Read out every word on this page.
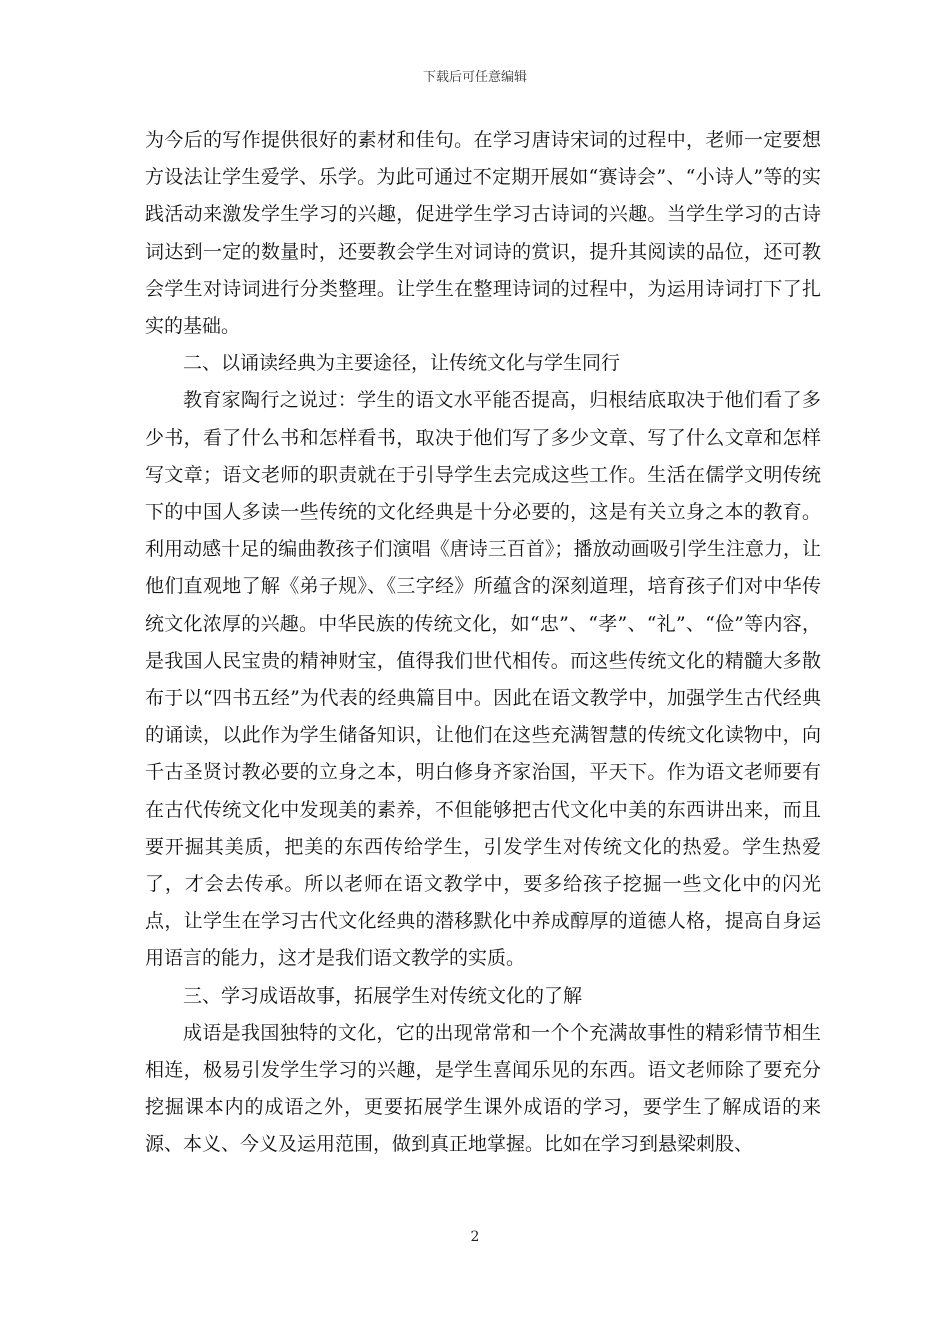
下载后可任意编辑

为今后的写作提供很好的素材和佳句。在学习唐诗宋词的过程中，老师一定要想方设法让学生爱学、乐学。为此可通过不定期开展如“赛诗会”、“小诗人”等的实践活动来激发学生学习的兴趣，促进学生学习古诗词的兴趣。当学生学习的古诗词达到一定的数量时，还要教会学生对词诗的赏识，提升其阅读的品位，还可教会学生对诗词进行分类整理。让学生在整理诗词的过程中，为运用诗词打下了扎实的基础。

二、以诵读经典为主要途径，让传统文化与学生同行

教育家陶行之说过：学生的语文水平能否提高，归根结底取决于他们看了多少书，看了什么书和怎样看书，取决于他们写了多少文章、写了什么文章和怎样写文章；语文老师的职责就在于引导学生去完成这些工作。生活在儒学文明传统下的中国人多读一些传统的文化经典是十分必要的，这是有关立身之本的教育。利用动感十足的编曲教孩子们演唱《唐诗三百首》；播放动画吸引学生注意力，让他们直观地了解《弟子规》、《三字经》所蕴含的深刻道理，培育孩子们对中华传统文化浓厚的兴趣。中华民族的传统文化，如“忠”、“孝”、“礼”、“俭”等内容，是我国人民宝贵的精神财宝，值得我们世代相传。而这些传统文化的精髓大多散布于以“四书五经”为代表的经典篇目中。因此在语文教学中，加强学生古代经典的诵读，以此作为学生储备知识，让他们在这些充满智慧的传统文化读物中，向千古圣贤讨教必要的立身之本，明白修身齐家治国，平天下。作为语文老师要有在古代传统文化中发现美的素养，不但能够把古代文化中美的东西讲出来，而且要开掘其美质，把美的东西传给学生，引发学生对传统文化的热爱。学生热爱了，才会去传承。所以老师在语文教学中，要多给孩子挖掘一些文化中的闪光点，让学生在学习古代文化经典的潜移默化中养成醇厚的道德人格，提高自身运用语言的能力，这才是我们语文教学的实质。

三、学习成语故事，拓展学生对传统文化的了解

成语是我国独特的文化，它的出现常常和一个个充满故事性的精彩情节相生相连，极易引发学生学习的兴趣，是学生喜闻乐见的东西。语文老师除了要充分挖掘课本内的成语之外，更要拓展学生课外成语的学习，要学生了解成语的来源、本义、今义及运用范围，做到真正地掌握。比如在学习到悬梁刺股、

2
